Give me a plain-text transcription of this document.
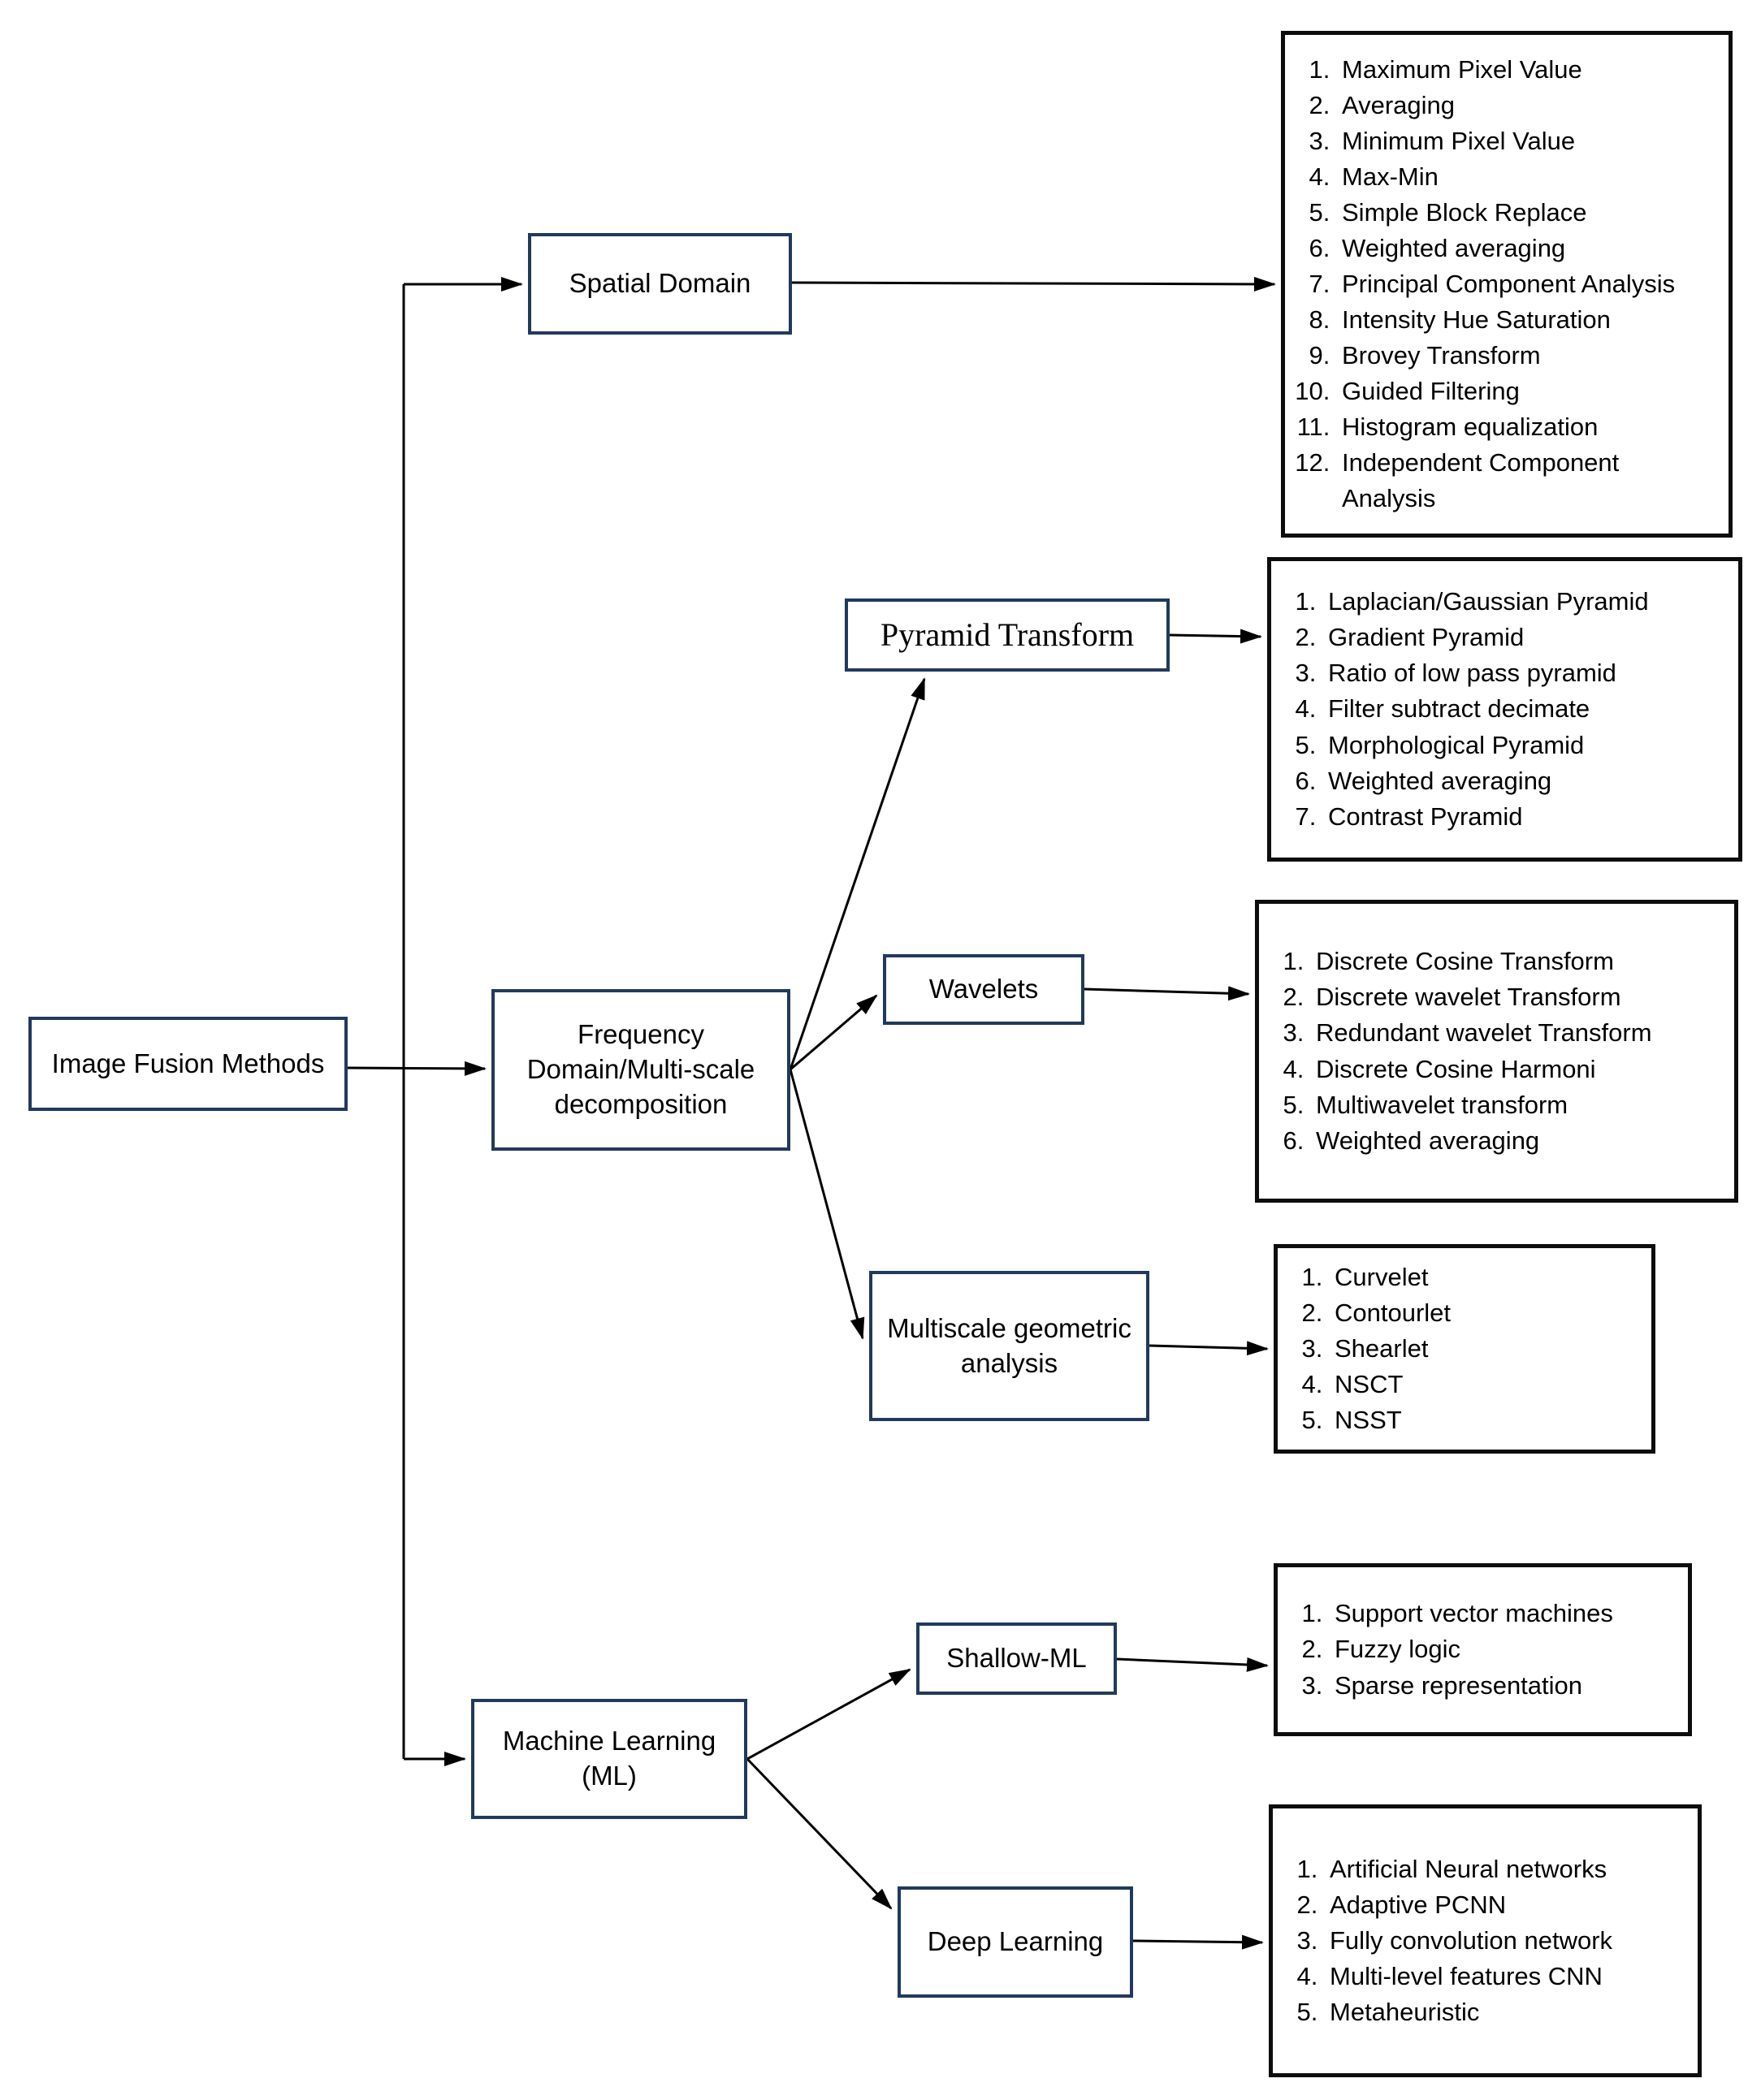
Image Fusion Methods
Spatial Domain
Frequency Domain/Multi-scale decomposition
Machine Learning (ML)
Pyramid Transform
Wavelets
Multiscale geometric analysis
Shallow-ML
Deep Learning
1. Maximum Pixel Value
2. Averaging
3. Minimum Pixel Value
4. Max-Min
5. Simple Block Replace
6. Weighted averaging
7. Principal Component Analysis
8. Intensity Hue Saturation
9. Brovey Transform
10. Guided Filtering
11. Histogram equalization
12. Independent Component Analysis
1. Laplacian/Gaussian Pyramid
2. Gradient Pyramid
3. Ratio of low pass pyramid
4. Filter subtract decimate
5. Morphological Pyramid
6. Weighted averaging
7. Contrast Pyramid
1. Discrete Cosine Transform
2. Discrete wavelet Transform
3. Redundant wavelet Transform
4. Discrete Cosine Harmoni
5. Multiwavelet transform
6. Weighted averaging
1. Curvelet
2. Contourlet
3. Shearlet
4. NSCT
5. NSST
1. Support vector machines
2. Fuzzy logic
3. Sparse representation
1. Artificial Neural networks
2. Adaptive PCNN
3. Fully convolution network
4. Multi-level features CNN
5. Metaheuristic
